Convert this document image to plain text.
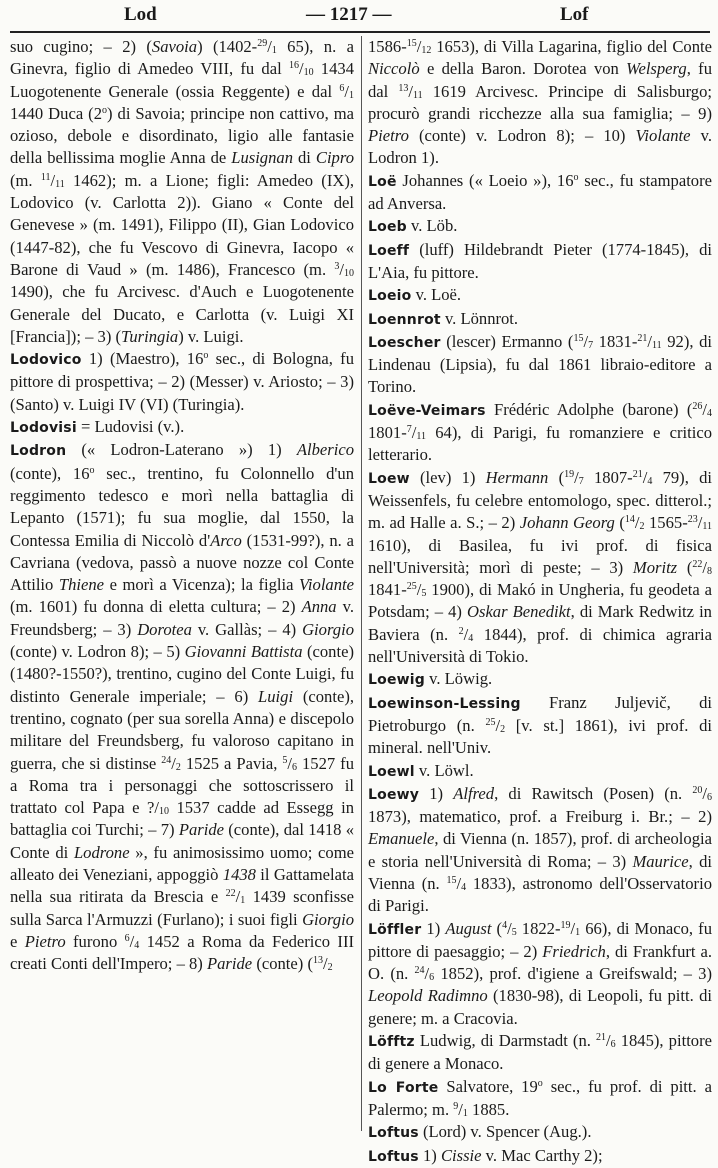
Lod	— 1217 —	Lof

suo cugino; – 2) (Savoia) ($1402-^{29}/_1$ 65), n. a Ginevra, figlio di Amedeo VIII, fu dal $^{16}/_{10}$ 1434 Luogotenente Generale (ossia Reggente) e dal $^6/_1$ 1440 Duca (2$^o$) di Savoia; principe non cattivo, ma ozioso, debole e disordinato, ligio alle fantasie della bellissima moglie Anna de Lusignan di Cipro (m. $^{11}/_{11}$ 1462); m. a Lione; figli: Amedeo (IX), Lodovico (v. Carlotta 2)). Giano « Conte del Genevese » (m. 1491), Filippo (II), Gian Lodovico (1447-82), che fu Vescovo di Ginevra, Iacopo « Barone di Vaud » (m. 1486), Francesco (m. $^3/_{10}$ 1490), che fu Arcivesc. d'Auch e Luogotenente Generale del Ducato, e Carlotta (v. Luigi XI [Francia]); – 3) (Turingia) v. Luigi.

Lodovico 1) (Maestro), 16$^o$ sec., di Bologna, fu pittore di prospettiva; – 2) (Messer) v. Ariosto; – 3) (Santo) v. Luigi IV (VI) (Turingia).

Lodovisi = Ludovisi (v.).

Lodron (« Lodron-Laterano ») 1) Alberico (conte), 16$^o$ sec., trentino, fu Colonnello d'un reggimento tedesco e morì nella battaglia di Lepanto (1571); fu sua moglie, dal 1550, la Contessa Emilia di Niccolò d'Arco (1531-99?), n. a Cavriana (vedova, passò a nuove nozze col Conte Attilio Thiene e morì a Vicenza); la figlia Violante (m. 1601) fu donna di eletta cultura; – 2) Anna v. Freundsberg; – 3) Dorotea v. Gallàs; – 4) Giorgio (conte) v. Lodron 8); – 5) Giovanni Battista (conte) (1480?-1550?), trentino, cugino del Conte Luigi, fu distinto Generale imperiale; – 6) Luigi (conte), trentino, cognato (per sua sorella Anna) e discepolo militare del Freundsberg, fu valoroso capitano in guerra, che si distinse $^{24}/_2$ 1525 a Pavia, $^5/_6$ 1527 fu a Roma tra i personaggi che sottoscrissero il trattato col Papa e $?/_{10}$ 1537 cadde ad Essegg in battaglia coi Turchi; – 7) Paride (conte), dal 1418 « Conte di Lodrone », fu animosissimo uomo; come alleato dei Veneziani, appoggiò 1438 il Gattamelata nella sua ritirata da Brescia e $^{22}/_1$ 1439 sconfisse sulla Sarca l'Armuzzi (Furlano); i suoi figli Giorgio e Pietro furono $^6/_4$ 1452 a Roma da Federico III creati Conti dell'Impero; – 8) Paride (conte) ($^{13}/_2$

$1586-^{15}/_{12}$ 1653), di Villa Lagarina, figlio del Conte Niccolò e della Baron. Dorotea von Welsperg, fu dal $^{13}/_{11}$ 1619 Arcivesc. Principe di Salisburgo; procurò grandi ricchezze alla sua famiglia; – 9) Pietro (conte) v. Lodron 8); – 10) Violante v. Lodron 1).

Loë Johannes (« Loeio »), 16$^o$ sec., fu stampatore ad Anversa.

Loeb v. Löb.

Loeff (luff) Hildebrandt Pieter (1774-1845), di L'Aia, fu pittore.

Loeio v. Loë.

Loennrot v. Lönnrot.

Loescher (lescer) Ermanno ($^{15}/_7$ $1831-^{21}/_{11}$ 92), di Lindenau (Lipsia), fu dal 1861 libraio-editore a Torino.

Loëve-Veimars Frédéric Adolphe (barone) ($^{26}/_4$ $1801-^7/_{11}$ 64), di Parigi, fu romanziere e critico letterario.

Loew (lev) 1) Hermann ($^{19}/_7$ $1807-^{21}/_4$ 79), di Weissenfels, fu celebre entomologo, spec. ditterol.; m. ad Halle a. S.; – 2) Johann Georg ($^{14}/_2$ $1565-^{23}/_{11}$ 1610), di Basilea, fu ivi prof. di fisica nell'Università; morì di peste; – 3) Moritz ($^{22}/_8$ $1841-^{25}/_5$ 1900), di Makó in Ungheria, fu geodeta a Potsdam; – 4) Oskar Benedikt, di Mark Redwitz in Baviera (n. $^2/_4$ 1844), prof. di chimica agraria nell'Università di Tokio.

Loewig v. Löwig.

Loewinson-Lessing Franz Juljevič, di Pietroburgo (n. $^{25}/_2$ [v. st.] 1861), ivi prof. di mineral. nell'Univ.

Loewl v. Löwl.

Loewy 1) Alfred, di Rawitsch (Posen) (n. $^{20}/_6$ 1873), matematico, prof. a Freiburg i. Br.; – 2) Emanuele, di Vienna (n. 1857), prof. di archeologia e storia nell'Università di Roma; – 3) Maurice, di Vienna (n. $^{15}/_4$ 1833), astronomo dell'Osservatorio di Parigi.

Löffler 1) August ($^4/_5$ $1822-^{19}/_1$ 66), di Monaco, fu pittore di paesaggio; – 2) Friedrich, di Frankfurt a. O. (n. $^{24}/_6$ 1852), prof. d'igiene a Greifswald; – 3) Leopold Radimno (1830-98), di Leopoli, fu pitt. di genere; m. a Cracovia.

Löfftz Ludwig, di Darmstadt (n. $^{21}/_6$ 1845), pittore di genere a Monaco.

Lo Forte Salvatore, 19$^o$ sec., fu prof. di pitt. a Palermo; m. $^9/_1$ 1885.

Loftus (Lord) v. Spencer (Aug.).

Loftus 1) Cissie v. Mac Carthy 2);
